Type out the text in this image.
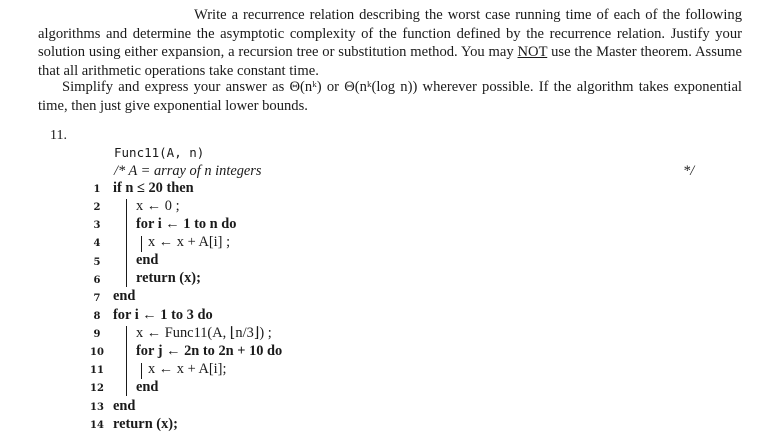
Write a recurrence relation describing the worst case running time of each of the following algorithms and determine the asymptotic complexity of the function defined by the recurrence relation. Justify your solution using either expansion, a recursion tree or substitution method. You may NOT use the Master theorem. Assume that all arithmetic operations take constant time.
Simplify and express your answer as Θ(nᵏ) or Θ(nᵏ(log n)) wherever possible. If the algorithm takes exponential time, then just give exponential lower bounds.
11.
Func11(A, n)
/* A = array of n integers	*/
1
2
3
4
5
6
7
8
9
10
11
12
13
14
if n ≤ 20 then
x ← 0 ;
for i ← 1 to n do
x ← x + A[i] ;
end
return (x);
end
for i ← 1 to 3 do
x ← Func11(A, ⌊n/3⌋) ;
for j ← 2n to 2n + 10 do
x ← x + A[i];
end
end
return (x);
